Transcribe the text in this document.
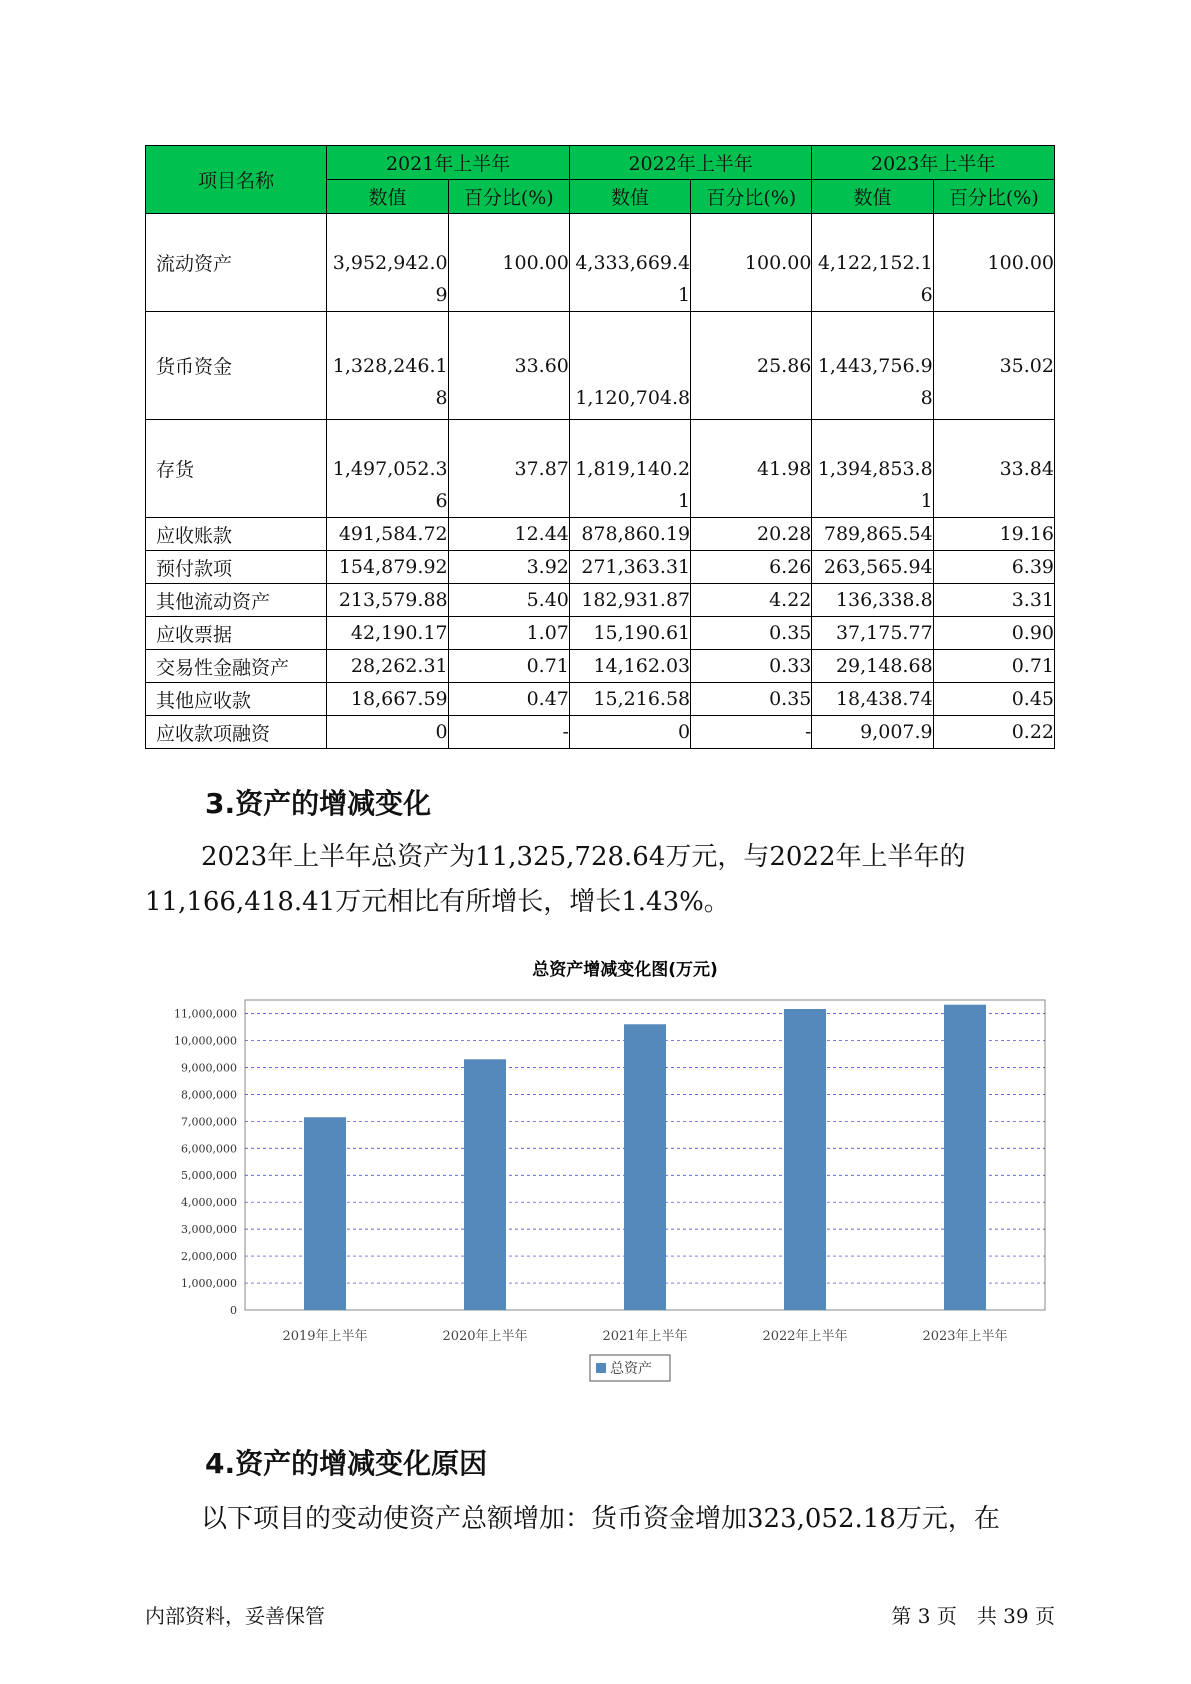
项目名称	2021年上半年		2022年上半年		2023年上半年	
	数值	百分比(%)	数值	百分比(%)	数值	百分比(%)
流动资产	3,952,942.09	100.00	4,333,669.41	100.00	4,122,152.16	100.00
货币资金	1,328,246.18	33.60	1,120,704.8	25.86	1,443,756.98	35.02
存货	1,497,052.36	37.87	1,819,140.21	41.98	1,394,853.81	33.84
应收账款	491,584.72	12.44	878,860.19	20.28	789,865.54	19.16
预付款项	154,879.92	3.92	271,363.31	6.26	263,565.94	6.39
其他流动资产	213,579.88	5.40	182,931.87	4.22	136,338.8	3.31
应收票据	42,190.17	1.07	15,190.61	0.35	37,175.77	0.90
交易性金融资产	28,262.31	0.71	14,162.03	0.33	29,148.68	0.71
其他应收款	18,667.59	0.47	15,216.58	0.35	18,438.74	0.45
应收款项融资	0	-	0	-	9,007.9	0.22
3.资产的增减变化
2023年上半年总资产为11,325,728.64万元，与2022年上半年的11,166,418.41万元相比有所增长，增长1.43%。
总资产增减变化图(万元)
0
1,000,000
2,000,000
3,000,000
4,000,000
5,000,000
6,000,000
7,000,000
8,000,000
9,000,000
10,000,000
11,000,000
2019年上半年	2020年上半年	2021年上半年	2022年上半年	2023年上半年
总资产
4.资产的增减变化原因
以下项目的变动使资产总额增加：货币资金增加323,052.18万元，在
内部资料，妥善保管	第 3 页　共 39 页
